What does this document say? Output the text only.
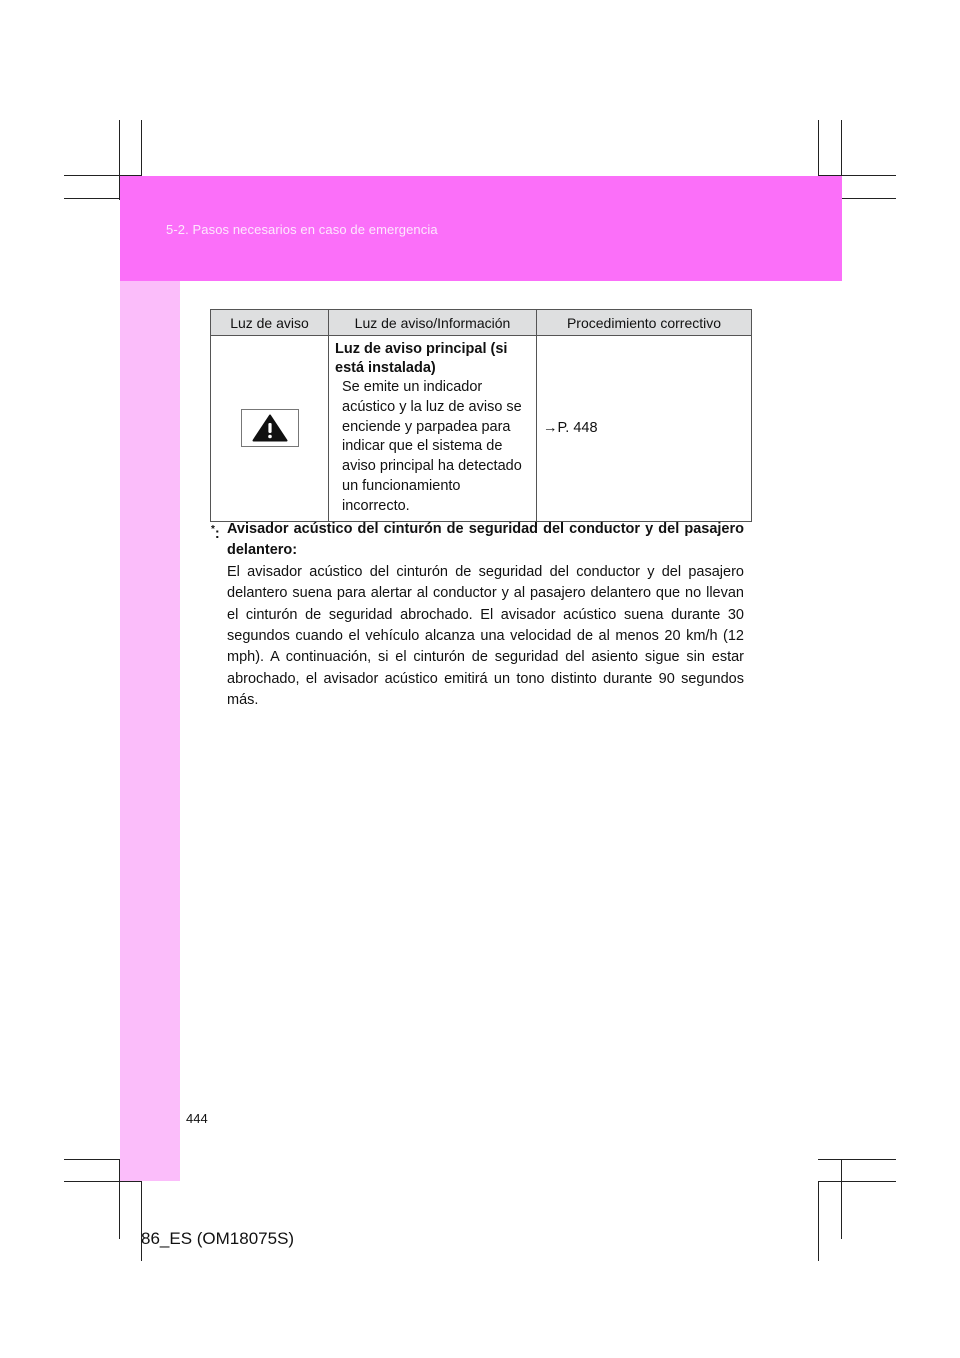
5-2. Pasos necesarios en caso de emergencia
Luz de aviso	Luz de aviso/Información	Procedimiento correctivo

Luz de aviso principal (si está instalada)
Se emite un indicador acústico y la luz de aviso se enciende y parpadea para indicar que el sistema de aviso principal ha detectado un funcionamiento incorrecto.	→P. 448
*: Avisador acústico del cinturón de seguridad del conductor y del pasajero delantero:
El avisador acústico del cinturón de seguridad del conductor y del pasajero delantero suena para alertar al conductor y al pasajero delantero que no llevan el cinturón de seguridad abrochado. El avisador acústico suena durante 30 segundos cuando el vehículo alcanza una velocidad de al menos 20 km/h (12 mph). A continuación, si el cinturón de seguridad del asiento sigue sin estar abrochado, el avisador acústico emitirá un tono distinto durante 90 segundos más.
444
86_ES (OM18075S)
